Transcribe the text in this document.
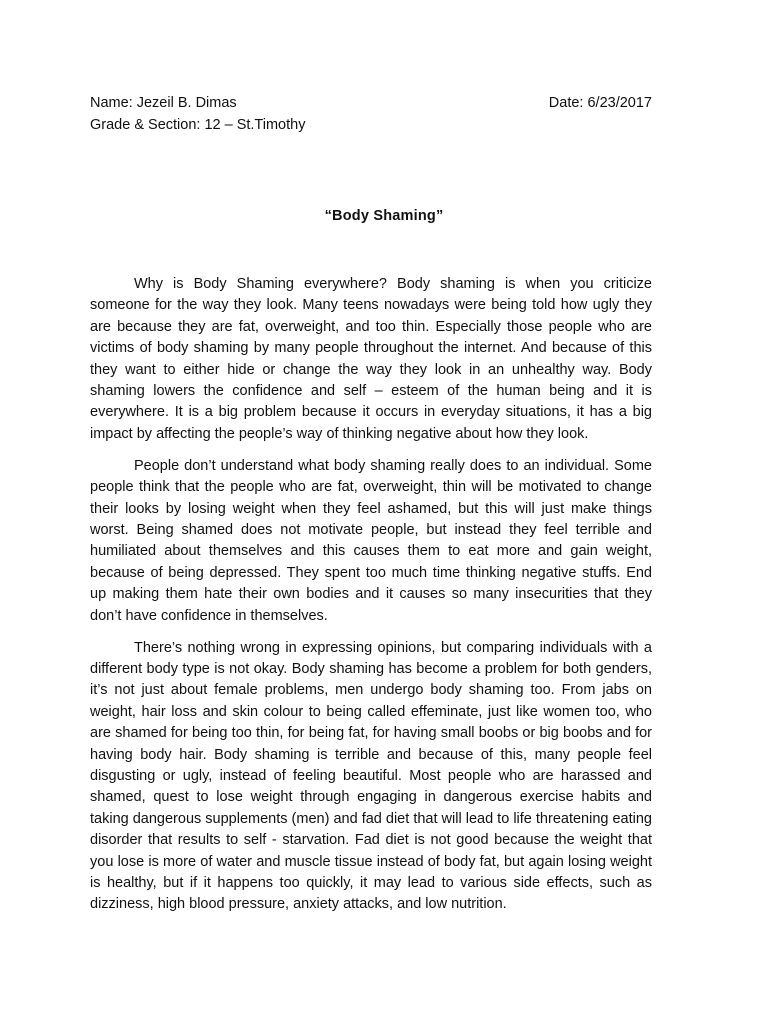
Name: Jezeil B. Dimas	Date: 6/23/2017
Grade & Section: 12 – St.Timothy
“Body Shaming”

Why is Body Shaming everywhere? Body shaming is when you criticize someone for the way they look. Many teens nowadays were being told how ugly they are because they are fat, overweight, and too thin. Especially those people who are victims of body shaming by many people throughout the internet. And because of this they want to either hide or change the way they look in an unhealthy way. Body shaming lowers the confidence and self – esteem of the human being and it is everywhere. It is a big problem because it occurs in everyday situations, it has a big impact by affecting the people’s way of thinking negative about how they look.

People don’t understand what body shaming really does to an individual. Some people think that the people who are fat, overweight, thin will be motivated to change their looks by losing weight when they feel ashamed, but this will just make things worst. Being shamed does not motivate people, but instead they feel terrible and humiliated about themselves and this causes them to eat more and gain weight, because of being depressed. They spent too much time thinking negative stuffs. End up making them hate their own bodies and it causes so many insecurities that they don’t have confidence in themselves.

There’s nothing wrong in expressing opinions, but comparing individuals with a different body type is not okay. Body shaming has become a problem for both genders, it’s not just about female problems, men undergo body shaming too. From jabs on weight, hair loss and skin colour to being called effeminate, just like women too, who are shamed for being too thin, for being fat, for having small boobs or big boobs and for having body hair. Body shaming is terrible and because of this, many people feel disgusting or ugly, instead of feeling beautiful. Most people who are harassed and shamed, quest to lose weight through engaging in dangerous exercise habits and taking dangerous supplements (men) and fad diet that will lead to life threatening eating disorder that results to self - starvation. Fad diet is not good because the weight that you lose is more of water and muscle tissue instead of body fat, but again losing weight is healthy, but if it happens too quickly, it may lead to various side effects, such as dizziness, high blood pressure, anxiety attacks, and low nutrition.
